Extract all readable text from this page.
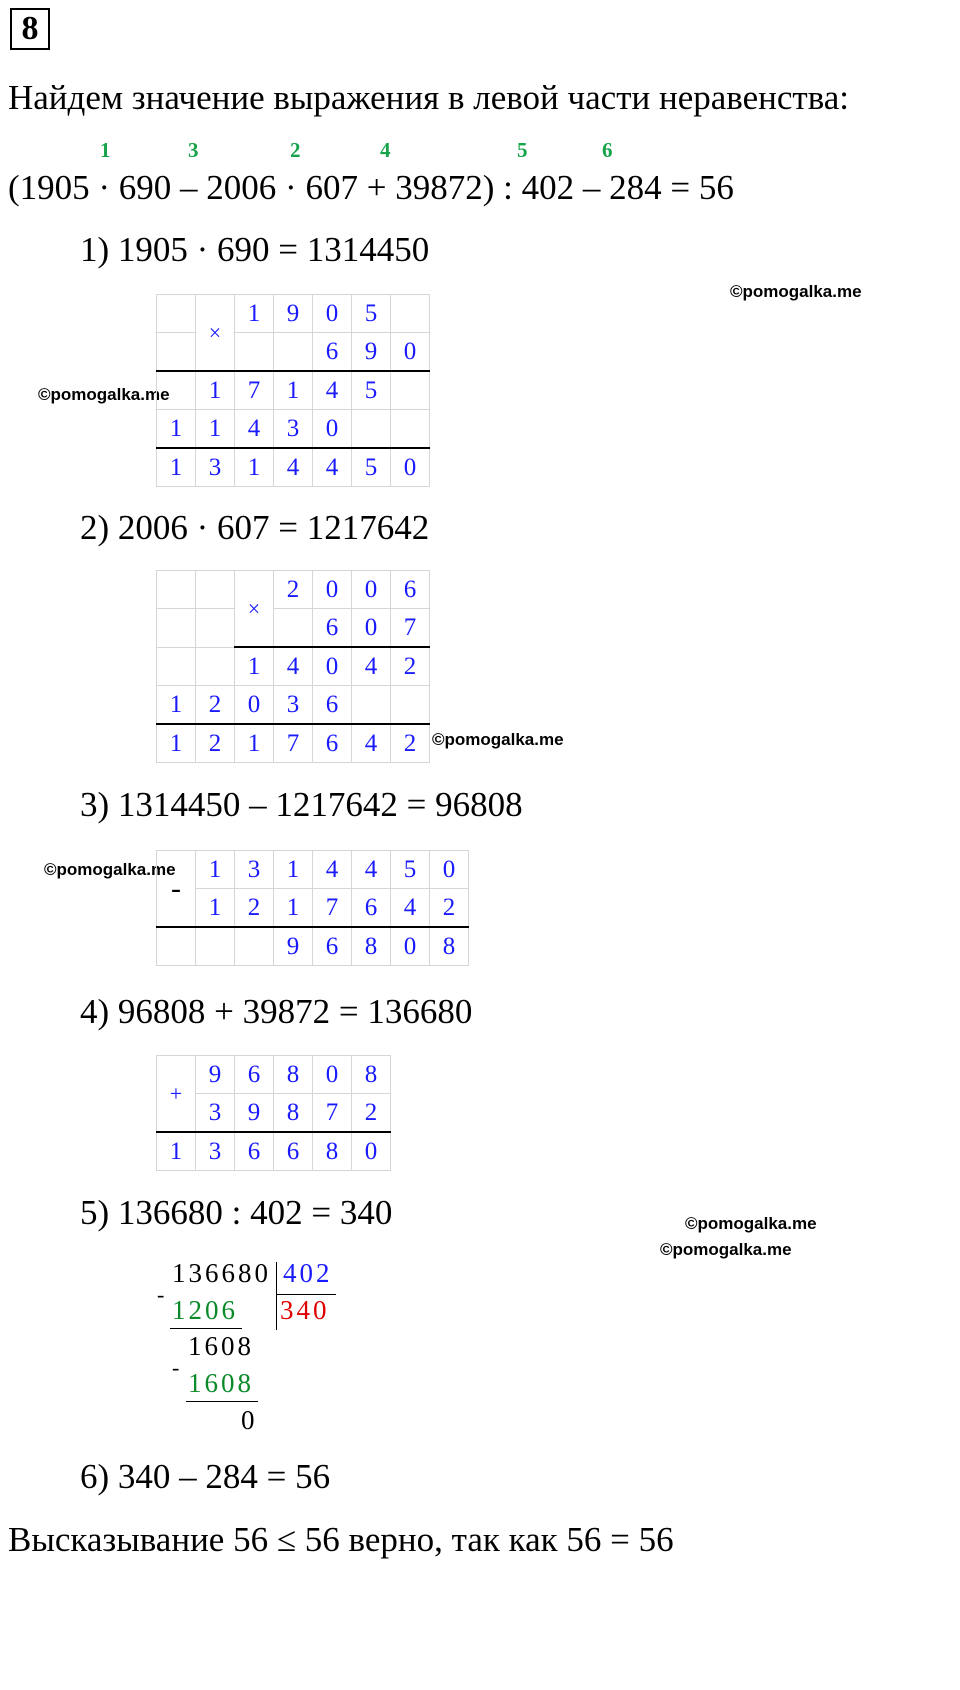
8
Найдем значение выражения в левой части неравенства:
1	3	2	4	5	6
(1905 · 690 – 2006 · 607 + 39872) : 402 – 284 = 56
1) 1905 · 690 = 1314450
©pomogalka.me
©pomogalka.me
	×	1	9	0	5	
				6	9	0
	1	7	1	4	5	
1	1	4	3	0		
1	3	1	4	4	5	0
2) 2006 · 607 = 1217642
		×	2	0	0	6
				6	0	7
		1	4	0	4	2
1	2	0	3	6		
1	2	1	7	6	4	2 ©pomogalka.me
3) 1314450 – 1217642 = 96808
©pomogalka.me
-	1	3	1	4	4	5	0
	1	2	1	7	6	4	2
			9	6	8	0	8
4) 96808 + 39872 = 136680
+	9	6	8	0	8
	3	9	8	7	2
1	3	6	6	8	0
5) 136680 : 402 = 340	©pomogalka.me
©pomogalka.me
136680 402
340
-
1206
1608
-
1608
0
6) 340 – 284 = 56
Высказывание 56 ≤ 56 верно, так как 56 = 56
